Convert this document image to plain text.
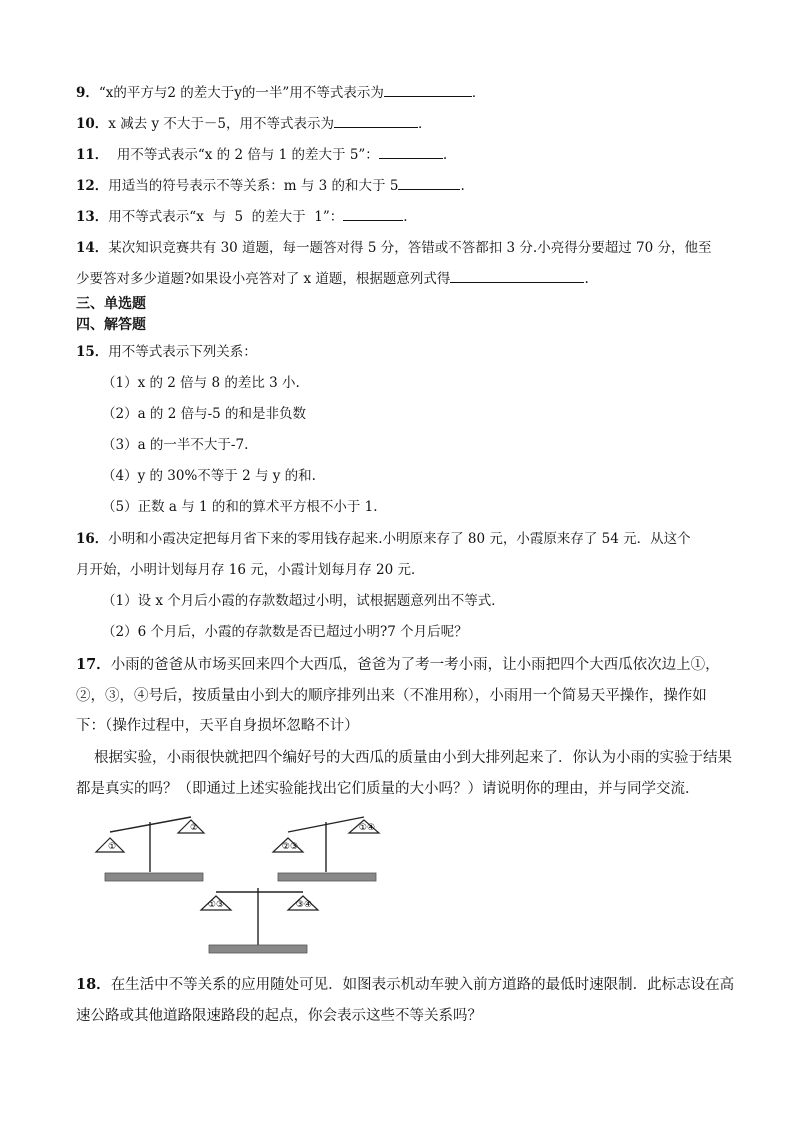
9．“x的平方与2 的差大于y的一半”用不等式表示为	．
10．x 减去 y 不大于－5，用不等式表示为	．
11．  用不等式表示“x 的 2 倍与 1 的差大于 5”：	.
12．用适当的符号表示不等关系：m 与 3 的和大于 5	.
13．用不等式表示“x  与  5  的差大于  1”：	.
14．某次知识竞赛共有 30 道题，每一题答对得 5 分，答错或不答都扣 3 分.小亮得分要超过 70 分，他至
少要答对多少道题?如果设小亮答对了 x 道题，根据题意列式得	.
三、单选题
四、解答题
15．用不等式表示下列关系：
（1）x 的 2 倍与 8 的差比 3 小.
（2）a 的 2 倍与-5 的和是非负数
（3）a 的一半不大于-7.
（4）y 的 30%不等于 2 与 y 的和.
（5）正数 a 与 1 的和的算术平方根不小于 1.
16．小明和小霞决定把每月省下来的零用钱存起来.小明原来存了 80 元，小霞原来存了 54 元．从这个
月开始，小明计划每月存 16 元，小霞计划每月存 20 元．
（1）设 x 个月后小霞的存款数超过小明，试根据题意列出不等式．
（2）6 个月后，小霞的存款数是否已超过小明?7 个月后呢？
17．小雨的爸爸从市场买回来四个大西瓜，爸爸为了考一考小雨，让小雨把四个大西瓜依次边上①，
②，③，④号后，按质量由小到大的顺序排列出来（不准用称），小雨用一个简易天平操作，操作如
下：（操作过程中，天平自身损坏忽略不计）
根据实验，小雨很快就把四个编好号的大西瓜的质量由小到大排列起来了．你认为小雨的实验于结果
都是真实的吗？（即通过上述实验能找出它们质量的大小吗？）请说明你的理由，并与同学交流．
①
②
②③
①④
①③	③④
18．在生活中不等关系的应用随处可见．如图表示机动车驶入前方道路的最低时速限制．此标志设在高
速公路或其他道路限速路段的起点，你会表示这些不等关系吗？
